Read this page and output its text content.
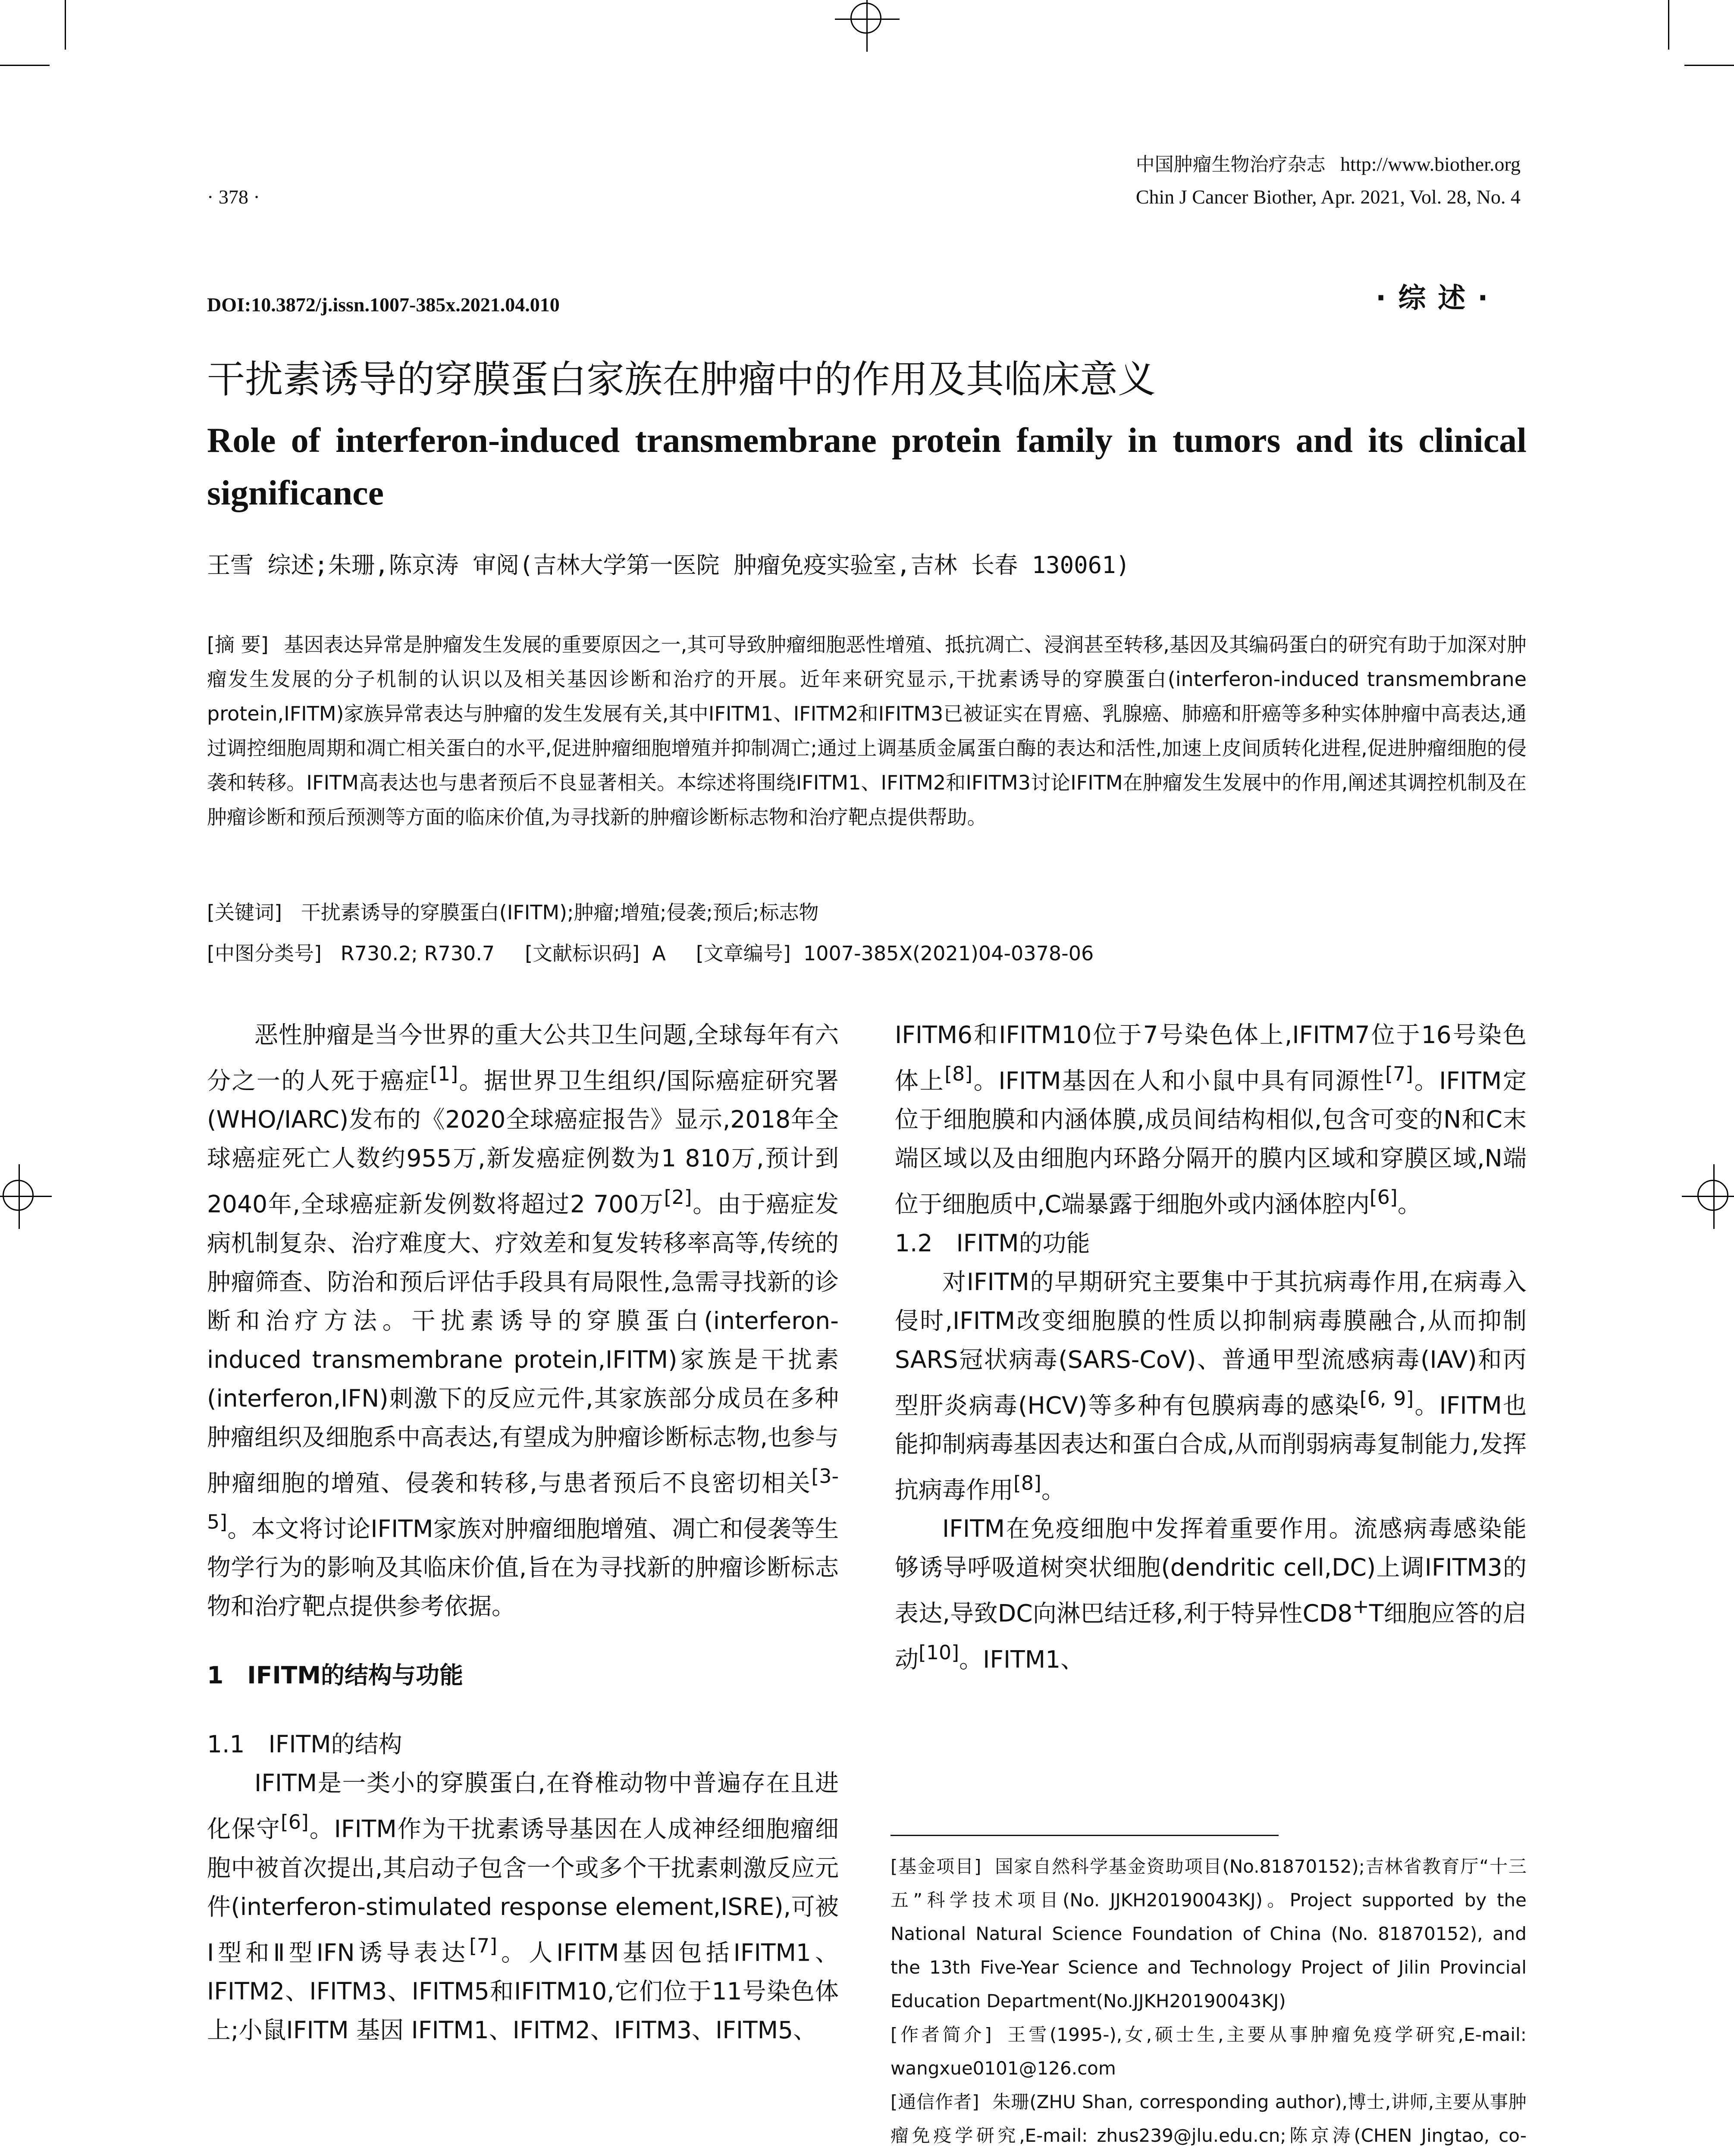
中国肿瘤生物治疗杂志 http://www.biother.org
· 378 ·	Chin J Cancer Biother, Apr. 2021, Vol. 28, No. 4
DOI:10.3872/j.issn.1007-385x.2021.04.010	·综述·
干扰素诱导的穿膜蛋白家族在肿瘤中的作用及其临床意义
Role of interferon-induced transmembrane protein family in tumors and its clinical significance
王雪 综述;朱珊,陈京涛 审阅(吉林大学第一医院 肿瘤免疫实验室,吉林 长春 130061)
[摘 要] 基因表达异常是肿瘤发生发展的重要原因之一,其可导致肿瘤细胞恶性增殖、抵抗凋亡、浸润甚至转移,基因及其编码蛋白的研究有助于加深对肿瘤发生发展的分子机制的认识以及相关基因诊断和治疗的开展。近年来研究显示,干扰素诱导的穿膜蛋白(interferon-induced transmembrane protein,IFITM)家族异常表达与肿瘤的发生发展有关,其中IFITM1、IFITM2和IFITM3已被证实在胃癌、乳腺癌、肺癌和肝癌等多种实体肿瘤中高表达,通过调控细胞周期和凋亡相关蛋白的水平,促进肿瘤细胞增殖并抑制凋亡;通过上调基质金属蛋白酶的表达和活性,加速上皮间质转化进程,促进肿瘤细胞的侵袭和转移。IFITM高表达也与患者预后不良显著相关。本综述将围绕IFITM1、IFITM2和IFITM3讨论IFITM在肿瘤发生发展中的作用,阐述其调控机制及在肿瘤诊断和预后预测等方面的临床价值,为寻找新的肿瘤诊断标志物和治疗靶点提供帮助。
[关键词] 干扰素诱导的穿膜蛋白(IFITM);肿瘤;增殖;侵袭;预后;标志物
[中图分类号] R730.2; R730.7 [文献标识码] A [文章编号] 1007-385X(2021)04-0378-06

恶性肿瘤是当今世界的重大公共卫生问题,全球每年有六分之一的人死于癌症[1]。据世界卫生组织/国际癌症研究署(WHO/IARC)发布的《2020全球癌症报告》显示,2018年全球癌症死亡人数约955万,新发癌症例数为1 810万,预计到2040年,全球癌症新发例数将超过2 700万[2]。由于癌症发病机制复杂、治疗难度大、疗效差和复发转移率高等,传统的肿瘤筛查、防治和预后评估手段具有局限性,急需寻找新的诊断和治疗方法。干扰素诱导的穿膜蛋白(interferon-induced transmembrane protein,IFITM)家族是干扰素(interferon,IFN)刺激下的反应元件,其家族部分成员在多种肿瘤组织及细胞系中高表达,有望成为肿瘤诊断标志物,也参与肿瘤细胞的增殖、侵袭和转移,与患者预后不良密切相关[3-5]。本文将讨论IFITM家族对肿瘤细胞增殖、凋亡和侵袭等生物学行为的影响及其临床价值,旨在为寻找新的肿瘤诊断标志物和治疗靶点提供参考依据。

1 IFITM的结构与功能
1.1 IFITM的结构

IFITM是一类小的穿膜蛋白,在脊椎动物中普遍存在且进化保守[6]。IFITM作为干扰素诱导基因在人成神经细胞瘤细胞中被首次提出,其启动子包含一个或多个干扰素刺激反应元件(interferon-stimulated response element,ISRE),可被Ⅰ型和Ⅱ型IFN诱导表达[7]。人IFITM基因包括IFITM1、IFITM2、IFITM3、IFITM5和IFITM10,它们位于11号染色体上;小鼠IFITM 基因 IFITM1、IFITM2、IFITM3、IFITM5、

IFITM6和IFITM10位于7号染色体上,IFITM7位于16号染色体上[8]。IFITM基因在人和小鼠中具有同源性[7]。IFITM定位于细胞膜和内涵体膜,成员间结构相似,包含可变的N和C末端区域以及由细胞内环路分隔开的膜内区域和穿膜区域,N端位于细胞质中,C端暴露于细胞外或内涵体腔内[6]。

1.2 IFITM的功能

对IFITM的早期研究主要集中于其抗病毒作用,在病毒入侵时,IFITM改变细胞膜的性质以抑制病毒膜融合,从而抑制SARS冠状病毒(SARS-CoV)、普通甲型流感病毒(IAV)和丙型肝炎病毒(HCV)等多种有包膜病毒的感染[6, 9]。IFITM也能抑制病毒基因表达和蛋白合成,从而削弱病毒复制能力,发挥抗病毒作用[8]。

IFITM在免疫细胞中发挥着重要作用。流感病毒感染能够诱导呼吸道树突状细胞(dendritic cell,DC)上调IFITM3的表达,导致DC向淋巴结迁移,利于特异性CD8+T细胞应答的启动[10]。IFITM1、

[基金项目] 国家自然科学基金资助项目(No.81870152);吉林省教育厅“十三五”科学技术项目(No. JJKH20190043KJ)。Project supported by the National Natural Science Foundation of China (No. 81870152), and the 13th Five-Year Science and Technology Project of Jilin Provincial Education Department(No.JJKH20190043KJ)

[作者简介] 王雪(1995-),女,硕士生,主要从事肿瘤免疫学研究,E-mail: wangxue0101@126.com

[通信作者] 朱珊(ZHU Shan, corresponding author),博士,讲师,主要从事肿瘤免疫学研究,E-mail: zhus239@jlu.edu.cn;陈京涛(CHEN Jingtao, co-
